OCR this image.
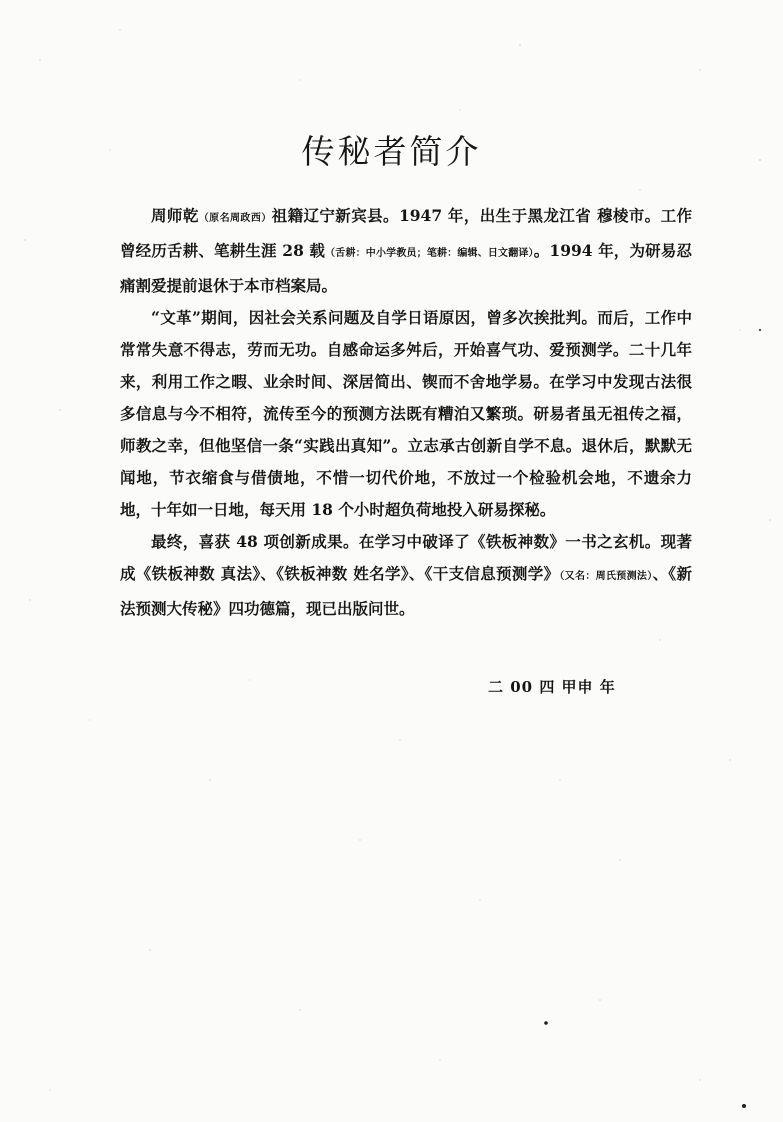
传秘者简介

周师乾（原名周政西）祖籍辽宁新宾县。1947 年，出生于黑龙江省 穆棱市。工作曾经历舌耕、笔耕生涯 28 载（舌耕：中小学教员；笔耕：编辑、日文翻译）。1994 年，为研易忍痛割爱提前退休于本市档案局。

“文革”期间，因社会关系问题及自学日语原因，曾多次挨批判。而后，工作中常常失意不得志，劳而无功。自感命运多舛后，开始喜气功、爱预测学。二十几年来，利用工作之暇、业余时间、深居简出、锲而不舍地学易。在学习中发现古法很多信息与今不相符，流传至今的预测方法既有糟泊又繁琐。研易者虽无祖传之福，师教之幸，但他坚信一条“实践出真知”。立志承古创新自学不息。退休后，默默无闻地，节衣缩食与借债地，不惜一切代价地，不放过一个检验机会地，不遗余力地，十年如一日地，每天用 18 个小时超负荷地投入研易探秘。

最终，喜获 48 项创新成果。在学习中破译了《铁板神数》一书之玄机。现著成《铁板神数 真法》、《铁板神数 姓名学》、《干支信息预测学》（又名：周氏预测法）、《新法预测大传秘》四功德篇，现已出版问世。

二 00 四 甲申 年
